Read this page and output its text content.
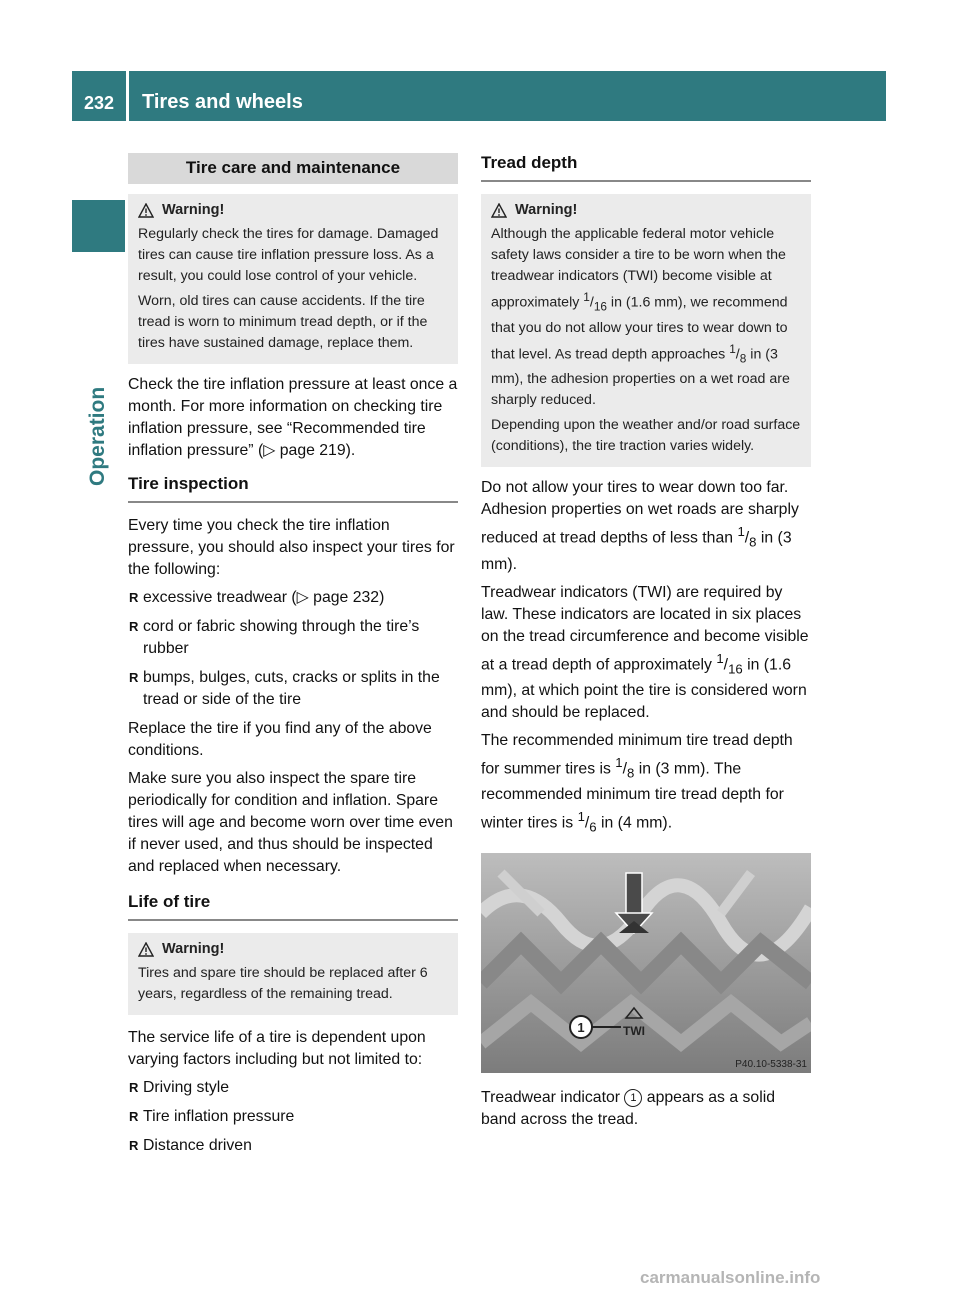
232 Tires and wheels
Operation
Tire care and maintenance
Warning!

Regularly check the tires for damage. Damaged tires can cause tire inflation pressure loss. As a result, you could lose control of your vehicle.

Worn, old tires can cause accidents. If the tire tread is worn to minimum tread depth, or if the tires have sustained damage, replace them.

Check the tire inflation pressure at least once a month. For more information on checking tire inflation pressure, see “Recommended tire inflation pressure” (▷ page 219).

Tire inspection

Every time you check the tire inflation pressure, you should also inspect your tires for the following:

R excessive treadwear (▷ page 232)
R cord or fabric showing through the tire’s rubber
R bumps, bulges, cuts, cracks or splits in the tread or side of the tire

Replace the tire if you find any of the above conditions.

Make sure you also inspect the spare tire periodically for condition and inflation. Spare tires will age and become worn over time even if never used, and thus should be inspected and replaced when necessary.

Life of tire
Warning!

Tires and spare tire should be replaced after 6 years, regardless of the remaining tread.

The service life of a tire is dependent upon varying factors including but not limited to:

R Driving style
R Tire inflation pressure
R Distance driven
Tread depth
Warning!

Although the applicable federal motor vehicle safety laws consider a tire to be worn when the treadwear indicators (TWI) become visible at approximately $^1/_{16}$ in (1.6 mm), we recommend that you do not allow your tires to wear down to that level. As tread depth approaches $^1/_8$ in (3 mm), the adhesion properties on a wet road are sharply reduced.

Depending upon the weather and/or road surface (conditions), the tire traction varies widely.

Do not allow your tires to wear down too far. Adhesion properties on wet roads are sharply reduced at tread depths of less than $^1/_8$ in (3 mm).

Treadwear indicators (TWI) are required by law. These indicators are located in six places on the tread circumference and become visible at a tread depth of approximately $^1/_{16}$ in (1.6 mm), at which point the tire is considered worn and should be replaced.

The recommended minimum tire tread depth for summer tires is $^1/_8$ in (3 mm). The recommended minimum tire tread depth for winter tires is $^1/_6$ in (4 mm).

1	TWI
P40.10-5338-31

Treadwear indicator 1 appears as a solid band across the tread.

carmanualsonline.info
